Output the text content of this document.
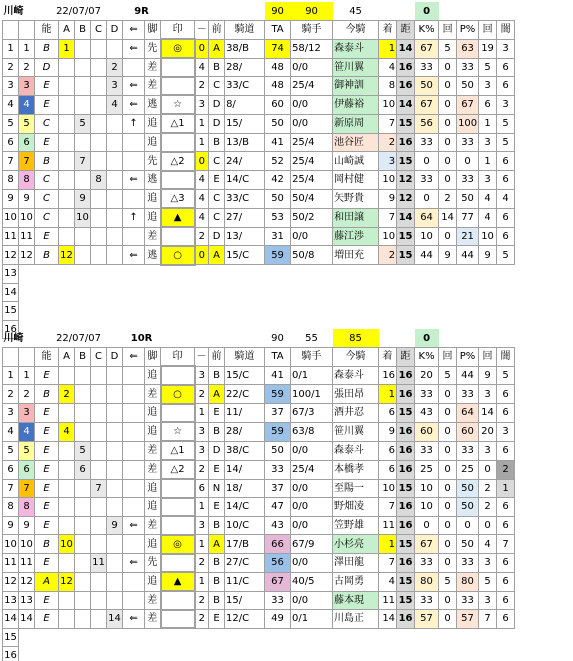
川崎		22/07/07					9R						90	90	45			0					
		能	A	B	C	D	⇐	脚	印	－	前	騎道	TA	騎手	今騎	着	距	K%	回	P%	回	闇	
1	1	B	1				⇐	先	◎	0	A	38/B	74	58/12	森泰斗	1	14	67	5	63	19	3	
2	2	D				2		差		4	B	28/	48	0/0	笹川翼	4	16	33	0	33	5	6	
3	3	E				3	⇐	差		2	C	33/C	48	25/4	御神訓	8	16	50	0	50	3	6	
4	4	E				4	⇐	逃	☆	3	D	8/	60	0/0	伊藤裕	10	14	67	0	67	6	3	
5	5	C		5			↑	追	△1	1	D	15/	50	0/0	新原周	7	15	56	0	100	1	5	
6	6	E						追		1	B	13/B	41	25/4	池谷匠	2	16	33	0	33	3	5	
7	7	B		7				先	△2	0	C	24/	52	25/4	山崎誠	3	15	0	0	0	1	6	
8	8	C			8		⇐	逃		4	E	14/C	42	25/4	岡村健	10	12	33	0	33	3	6	
9	9	C		9				追	△3	4	C	33/C	50	50/4	矢野貴	9	12	0	2	50	4	4	
10	10	C		10			↑	追	▲	4	C	27/	53	50/2	和田譲	7	14	64	14	77	4	6	
11	11	E						差		2	D	13/	31	0/0	藤江渉	10	15	10	0	21	10	6	
12	12	B	12				⇐	逃	○	0	A	15/C	59	50/8	増田充	2	15	44	9	44	9	5	
13																							
14																							
15																							
16																							
川崎		22/07/07					10R						90	55	85			0					
		能	A	B	C	D	⇐	脚	印	－	前	騎道	TA	騎手	今騎	着	距	K%	回	P%	回	闇	
1	1	E						追		3	B	15/C	41	0/1	森泰斗	16	16	20	5	44	9	5	
2	2	B	2					差	○	2	A	22/C	59	100/1	張田昂	1	16	33	0	33	3	6	
3	3	E						追		1	E	11/	37	67/3	酒井忍	6	15	43	0	64	14	6	
4	4	E	4					追	☆	3	B	28/	59	63/8	笹川翼	9	16	60	0	60	20	3	
5	5	E		5				差	△1	3	D	38/C	50	0/0	森泰斗	6	16	33	0	33	3	6	
6	6	E		6				差	△2	2	E	14/	33	25/4	本橋孝	6	16	25	0	25	0	2	
7	7	E			7			追		6	N	18/	37	0/0	至陽一	10	15	10	0	50	2	1	
8	8	E						追		1	E	14/C	47	0/0	野畑凌	7	16	10	0	50	2	6	
9	9	E				9	⇐	差		3	B	10/C	43	0/0	笠野雄	11	16	0	0	0	0	6	
10	10	B	10					追	◎	1	A	17/B	66	67/9	小杉亮	1	15	67	0	50	4	7	
11	11	E			11		⇐	先		2	B	27/C	56	0/0	澤田龍	7	16	33	0	33	3	6	
12	12	A	12					追	▲	1	B	11/C	67	40/5	古岡勇	4	15	80	5	80	5	6	
13	13	E						差		2	B	15/	33	0/0	藤本現	11	15	33	0	33	3	6	
14	14	E				14	⇐	差		2	E	12/C	49	0/1	川島正	14	16	57	0	57	7	6	
15																							
16																							
